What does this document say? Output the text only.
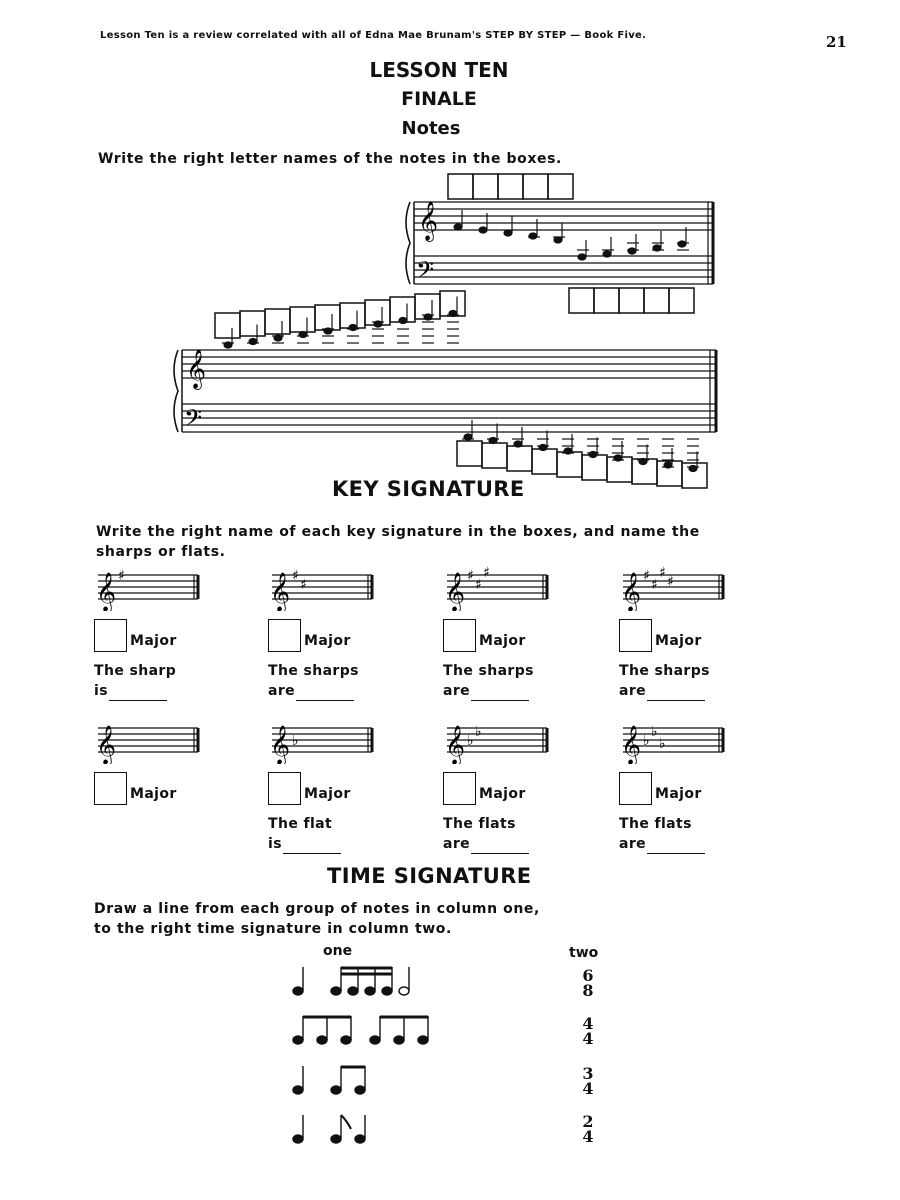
Lesson Ten is a review correlated with all of Edna Mae Brunam's STEP BY STEP — Book Five.	21
LESSON TEN
FINALE
Notes
Write the right letter names of the notes in the boxes.
𝄞
𝄢
𝄞
𝄢
KEY SIGNATURE
Write the right name of each key signature in the boxes, and name the
sharps or flats.
𝄞 ♯
Major
The sharp
is
𝄞 ♯
♯
Major
The sharps
are
𝄞 ♯
♯
♯
Major
The sharps
are
𝄞 ♯
♯
♯
♯
Major
The sharps
are
𝄞
Major
𝄞 ♭
Major
The flat
is
𝄞 ♭
♭
Major
The flats
are
𝄞 ♭
♭
♭
Major
The flats
are
TIME SIGNATURE
Draw a line from each group of notes in column one,
to the right time signature in column two.
one	two
6
8
4
4
3
4
2
4
